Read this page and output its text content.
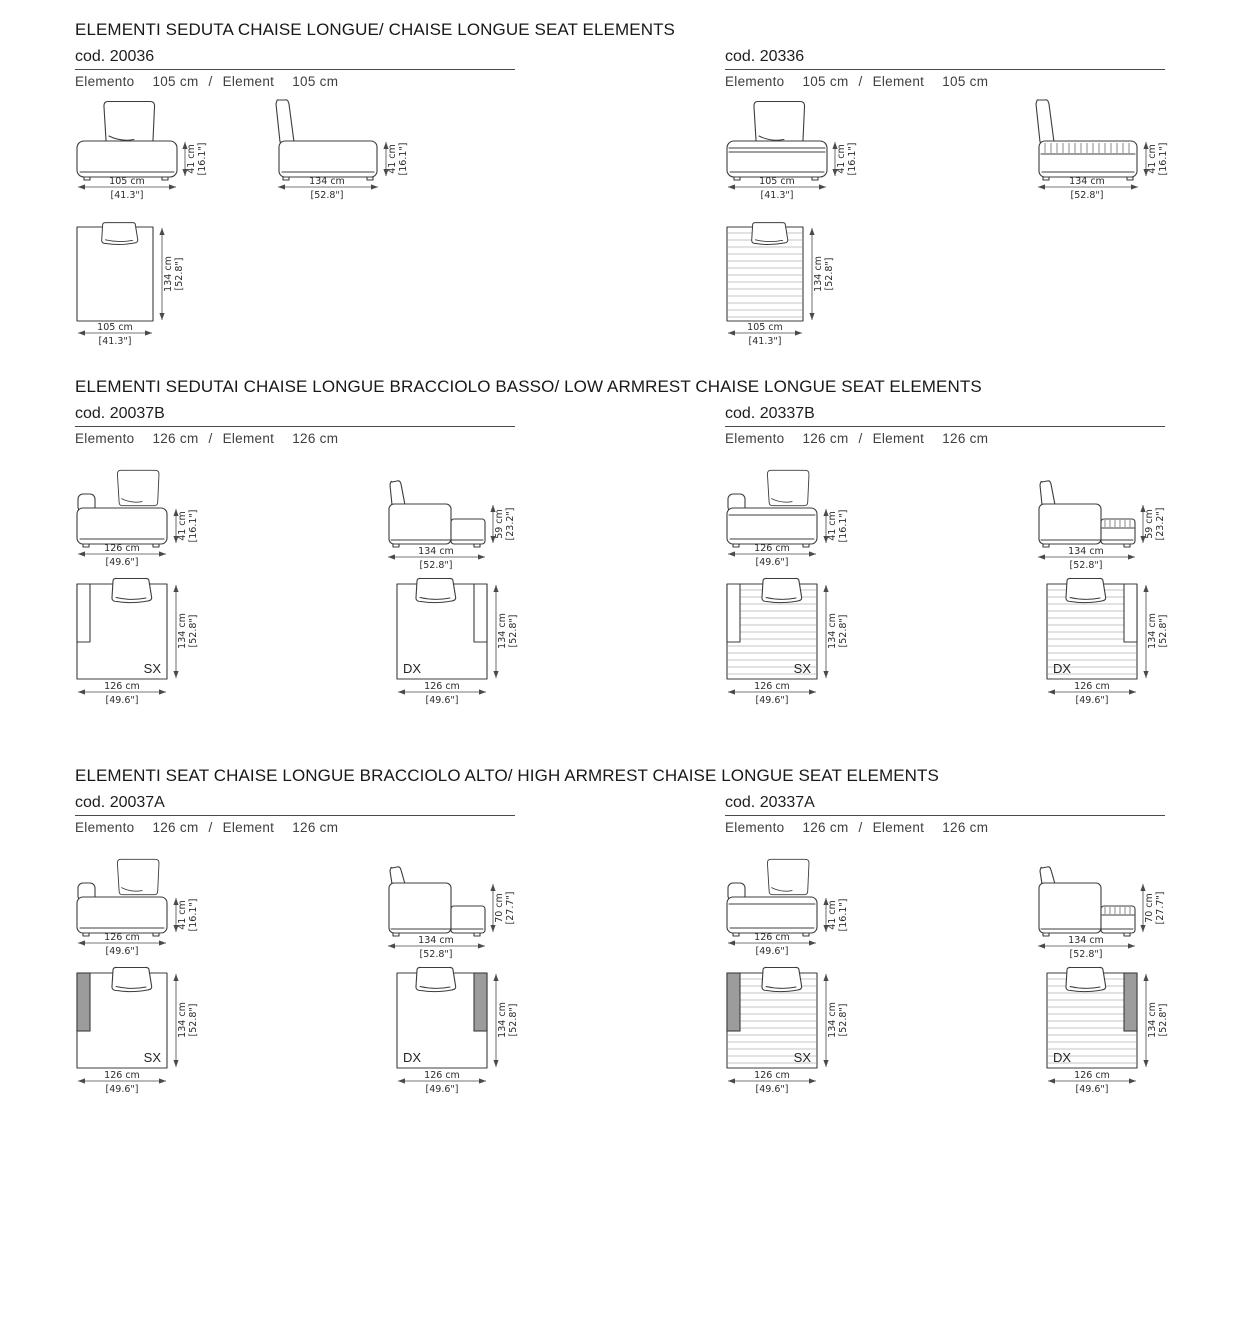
ELEMENTI SEDUTA CHAISE LONGUE/ CHAISE LONGUE SEAT ELEMENTS
cod. 20036
Elemento 105 cm / Element 105 cm
105 cm
[41.3"]
41 cm [16.1"]
134 cm
[52.8"]
41 cm [16.1"]
105 cm
[41.3"]
134 cm [52.8"]
cod. 20336
Elemento 105 cm / Element 105 cm
105 cm
[41.3"]
41 cm [16.1"]
134 cm
[52.8"]
41 cm [16.1"]
105 cm
[41.3"]
134 cm [52.8"]
ELEMENTI SEDUTAI CHAISE LONGUE BRACCIOLO BASSO/ LOW ARMREST CHAISE LONGUE SEAT ELEMENTS
cod. 20037B
Elemento 126 cm / Element 126 cm
126 cm
[49.6"]
41 cm [16.1"]	59 cm [23.2"]
134 cm
[52.8"]
SX
126 cm
[49.6"]
134 cm [52.8"]
DX
126 cm
[49.6"]
134 cm [52.8"]
cod. 20337B
Elemento 126 cm / Element 126 cm
126 cm
[49.6"]
41 cm [16.1"]	59 cm [23.2"]
134 cm
[52.8"]
SX
126 cm
[49.6"]
134 cm [52.8"]
DX
126 cm
[49.6"]
134 cm [52.8"]
ELEMENTI SEAT CHAISE LONGUE BRACCIOLO ALTO/ HIGH ARMREST CHAISE LONGUE SEAT ELEMENTS
cod. 20037A
Elemento 126 cm / Element 126 cm
126 cm
[49.6"]
41 cm [16.1"]	70 cm [27.7"]
134 cm
[52.8"]
SX
126 cm
[49.6"]
134 cm [52.8"]
DX
126 cm
[49.6"]
134 cm [52.8"]
cod. 20337A
Elemento 126 cm / Element 126 cm
126 cm
[49.6"]
41 cm [16.1"]	70 cm [27.7"]
134 cm
[52.8"]
SX
126 cm
[49.6"]
134 cm [52.8"]
DX
126 cm
[49.6"]
134 cm [52.8"]
